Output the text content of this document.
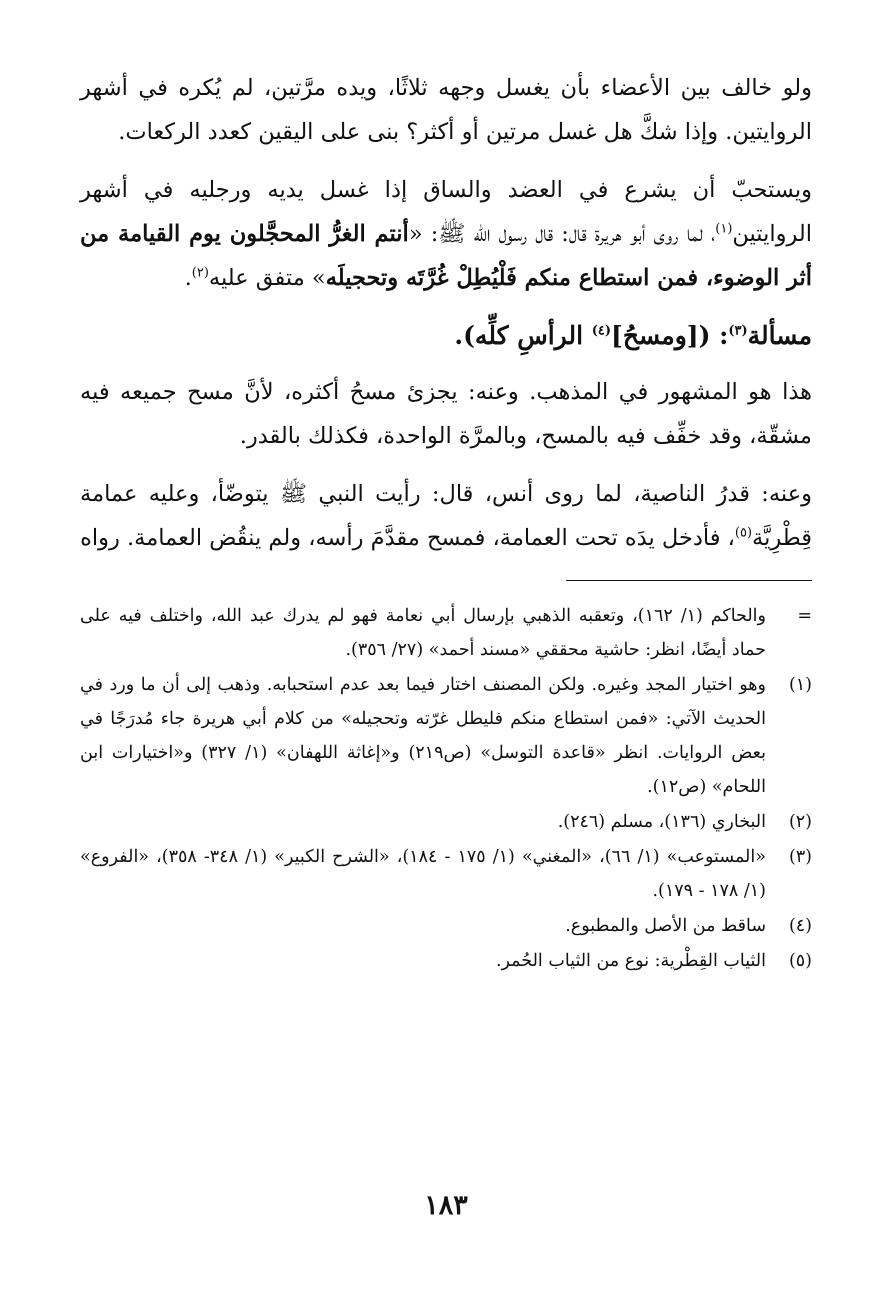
ولو خالف بين الأعضاء بأن يغسل وجهه ثلاثًا، ويده مرَّتين، لم يُكره في أشهر الروايتين. وإذا شكَّ هل غسل مرتين أو أكثر؟ بنى على اليقين كعدد الركعات.

ويستحبّ أن يشرع في العضد والساق إذا غسل يديه ورجليه في أشهر الروايتين$^{(١)}$، لما روى أبو هريرة قال: قال رسول الله ﷺ: «أنتم الغرُّ المحجَّلون يوم القيامة من أثر الوضوء، فمن استطاع منكم فَلْيُطِلْ غُرَّتَه وتحجيلَه» متفق عليه$^{(٢)}$.

مسألة$^{(٣)}$: ([ومسحُ]$^{(٤)}$ الرأسِ كلِّه).

هذا هو المشهور في المذهب. وعنه: يجزئ مسحُ أكثره، لأنَّ مسح جميعه فيه مشقّة، وقد خفِّف فيه بالمسح، وبالمرَّة الواحدة، فكذلك بالقدر.

وعنه: قدرُ الناصية، لما روى أنس، قال: رأيت النبي ﷺ يتوضّأ، وعليه عمامة قِطْرِيَّة$^{(٥)}$، فأدخل يدَه تحت العمامة، فمسح مقدَّمَ رأسه، ولم ينقُض العمامة. رواه

=
والحاكم (١/ ١٦٢)، وتعقبه الذهبي بإرسال أبي نعامة فهو لم يدرك عبد الله، واختلف فيه على حماد أيضًا، انظر: حاشية محققي «مسند أحمد» (٢٧/ ٣٥٦).
(١)
وهو اختيار المجد وغيره. ولكن المصنف اختار فيما بعد عدم استحبابه. وذهب إلى أن ما ورد في الحديث الآتي: «فمن استطاع منكم فليطل غرّته وتحجيله» من كلام أبي هريرة جاء مُدرَجًا في بعض الروايات. انظر «قاعدة التوسل» (ص٢١٩) و«إغاثة اللهفان» (١/ ٣٢٧) و«اختيارات ابن اللحام» (ص١٢).
(٢)
البخاري (١٣٦)، مسلم (٢٤٦).
(٣)
«المستوعب» (١/ ٦٦)، «المغني» (١/ ١٧٥ - ١٨٤)، «الشرح الكبير» (١/ ٣٤٨- ٣٥٨)، «الفروع» (١/ ١٧٨ - ١٧٩).
(٤)
ساقط من الأصل والمطبوع.
(٥)
الثياب القِطْرية: نوع من الثياب الحُمر.
١٨٣
